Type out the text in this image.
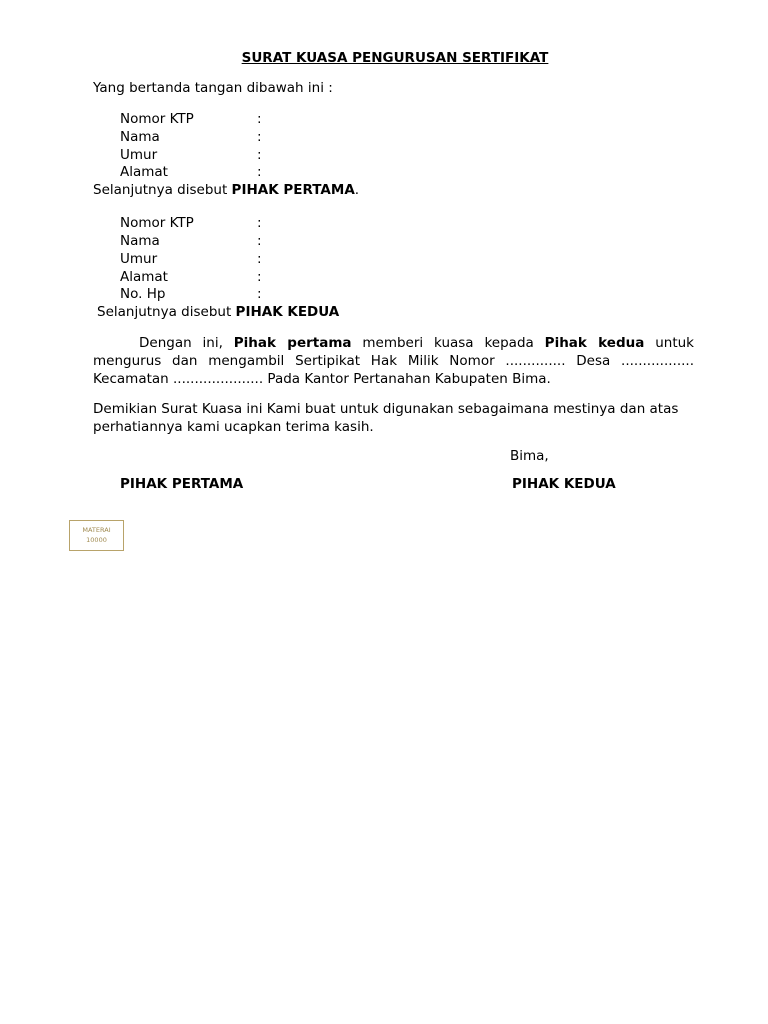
SURAT KUASA PENGURUSAN SERTIFIKAT
Yang bertanda tangan dibawah ini :
Nomor KTP	:
Nama	:
Umur	:
Alamat	:
Selanjutnya disebut PIHAK PERTAMA.
Nomor KTP	:
Nama	:
Umur	:
Alamat	:
No. Hp	:
Selanjutnya disebut PIHAK KEDUA
Dengan ini, Pihak pertama memberi kuasa kepada Pihak kedua untuk mengurus dan mengambil Sertipikat Hak Milik Nomor .............. Desa ................. Kecamatan ..................... Pada Kantor Pertanahan Kabupaten Bima.
Demikian Surat Kuasa ini Kami buat untuk digunakan sebagaimana mestinya dan atas perhatiannya kami ucapkan terima kasih.
Bima,
PIHAK PERTAMA	PIHAK KEDUA
MATERAI
10000
